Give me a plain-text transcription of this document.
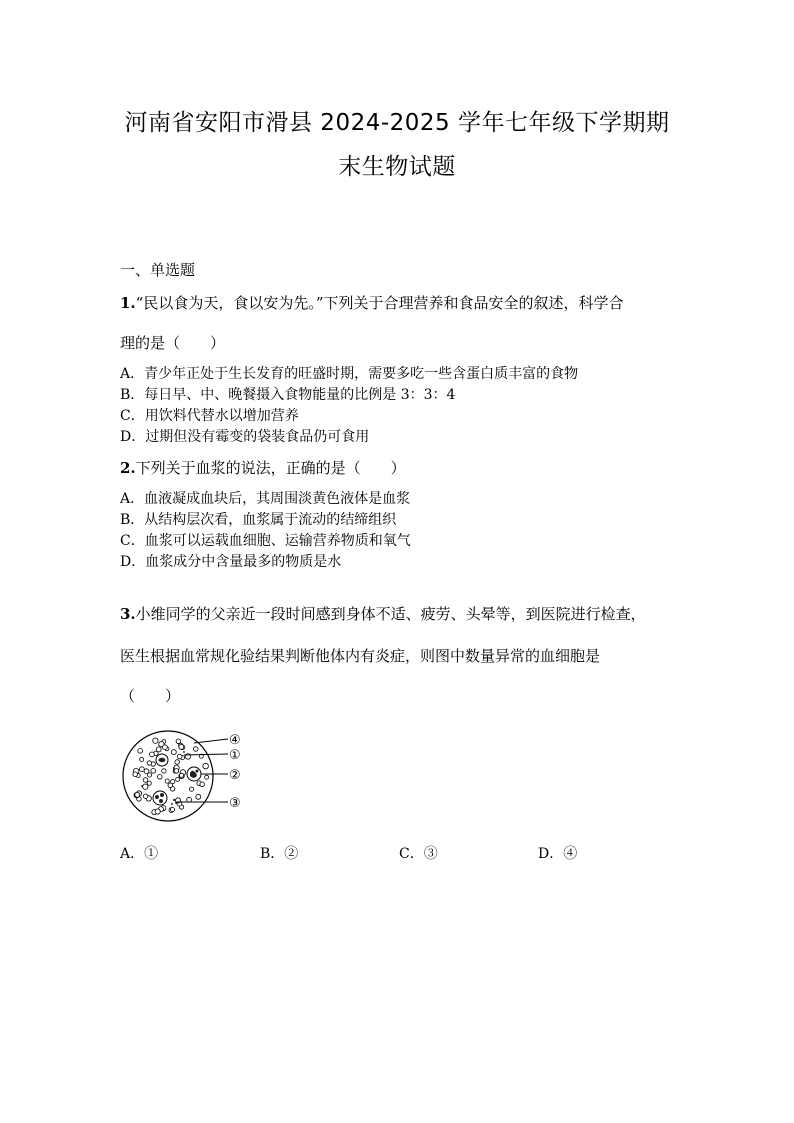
河南省安阳市滑县 2024-2025 学年七年级下学期期
末生物试题
一、单选题
1.“民以食为天，食以安为先。”下列关于合理营养和食品安全的叙述，科学合
理的是（　　）
A．青少年正处于生长发育的旺盛时期，需要多吃一些含蛋白质丰富的食物
B．每日早、中、晚餐摄入食物能量的比例是 3：3：4
C．用饮料代替水以增加营养
D．过期但没有霉变的袋装食品仍可食用
2.下列关于血浆的说法，正确的是（　　）
A．血液凝成血块后，其周围淡黄色液体是血浆
B．从结构层次看，血浆属于流动的结缔组织
C．血浆可以运载血细胞、运输营养物质和氧气
D．血浆成分中含量最多的物质是水
3.小维同学的父亲近一段时间感到身体不适、疲劳、头晕等，到医院进行检查，
医生根据血常规化验结果判断他体内有炎症，则图中数量异常的血细胞是
（　　）
④
①
②
③
A．①	B．②	C．③	D．④
